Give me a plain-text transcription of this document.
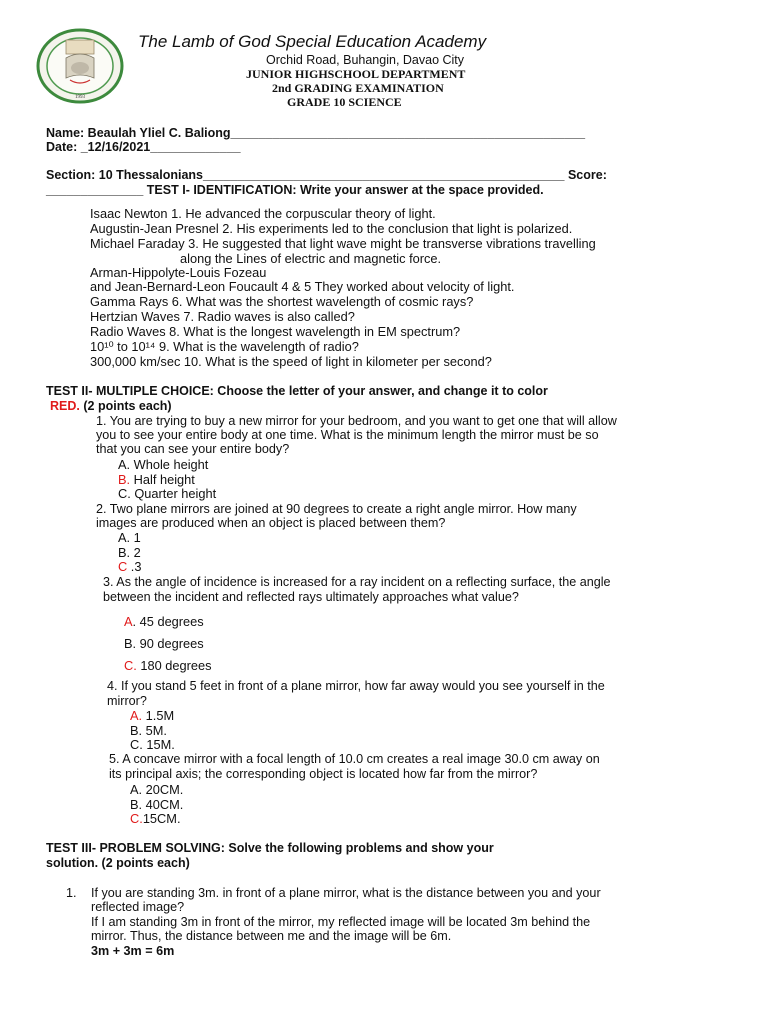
1993
The Lamb of God Special Education Academy
Orchid Road, Buhangin, Davao City
JUNIOR HIGHSCHOOL DEPARTMENT
2nd GRADING EXAMINATION
GRADE 10 SCIENCE
Name: Beaulah Yliel C. Baliong___________________________________________________
Date: _12/16/2021_____________
Section: 10 Thessalonians____________________________________________________ Score:
______________ TEST I- IDENTIFICATION: Write your answer at the space provided.
Isaac Newton 1. He advanced the corpuscular theory of light.
Augustin-Jean Presnel 2. His experiments led to the conclusion that light is polarized.
Michael Faraday 3. He suggested that light wave might be transverse vibrations travelling
along the Lines of electric and magnetic force.
Arman-Hippolyte-Louis Fozeau
and Jean-Bernard-Leon Foucault 4 & 5 They worked about velocity of light.
Gamma Rays 6. What was the shortest wavelength of cosmic rays?
Hertzian Waves 7. Radio waves is also called?
Radio Waves 8. What is the longest wavelength in EM spectrum?
10¹⁰ to 10¹⁴ 9. What is the wavelength of radio?
300,000 km/sec 10. What is the speed of light in kilometer per second?
TEST II- MULTIPLE CHOICE: Choose the letter of your answer, and change it to color
RED. (2 points each)
1. You are trying to buy a new mirror for your bedroom, and you want to get one that will allow
you to see your entire body at one time. What is the minimum length the mirror must be so
that you can see your entire body?
A. Whole height
B. Half height
C. Quarter height
2. Two plane mirrors are joined at 90 degrees to create a right angle mirror. How many
images are produced when an object is placed between them?
A. 1
B. 2
C .3
3. As the angle of incidence is increased for a ray incident on a reflecting surface, the angle
between the incident and reflected rays ultimately approaches what value?
A. 45 degrees
B. 90 degrees
C. 180 degrees
4. If you stand 5 feet in front of a plane mirror, how far away would you see yourself in the
mirror?
A. 1.5M
B. 5M.
C. 15M.
5. A concave mirror with a focal length of 10.0 cm creates a real image 30.0 cm away on
its principal axis; the corresponding object is located how far from the mirror?
A. 20CM.
B. 40CM.
C.15CM.
TEST III- PROBLEM SOLVING: Solve the following problems and show your
solution. (2 points each)
1. If you are standing 3m. in front of a plane mirror, what is the distance between you and your
reflected image?
If I am standing 3m in front of the mirror, my reflected image will be located 3m behind the
mirror. Thus, the distance between me and the image will be 6m.
3m + 3m = 6m
